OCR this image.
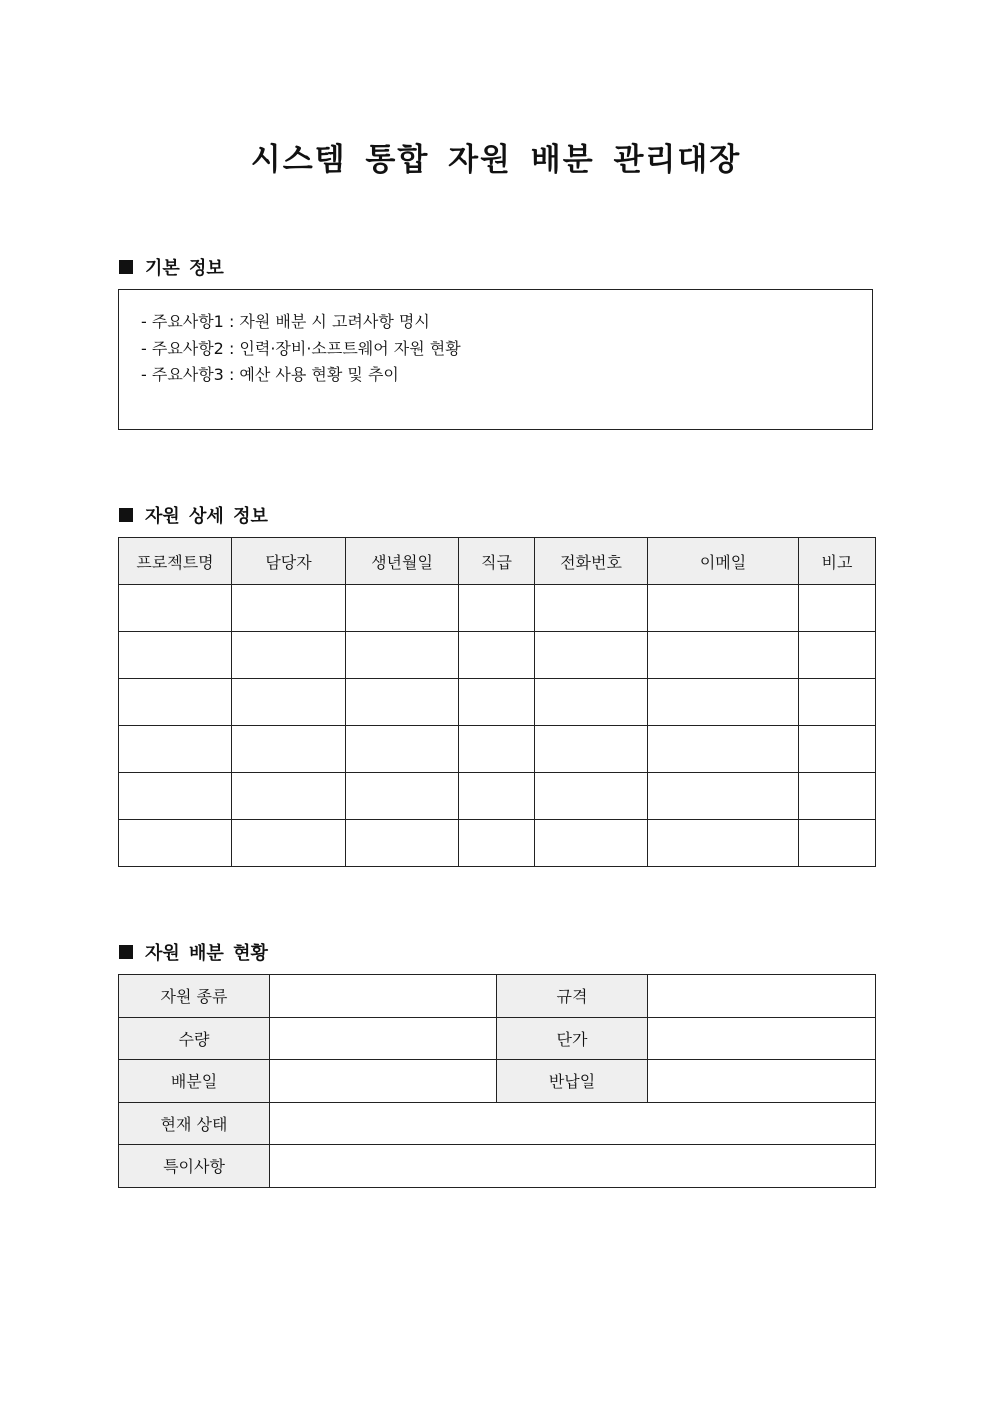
시스템 통합 자원 배분 관리대장
기본 정보
- 주요사항1 : 자원 배분 시 고려사항 명시
- 주요사항2 : 인력·장비·소프트웨어 자원 현황
- 주요사항3 : 예산 사용 현황 및 추이
자원 상세 정보
프로젝트명	담당자	생년월일	직급	전화번호	이메일	비고

자원 배분 현황
자원 종류		규격	
수량		단가	
배분일		반납일	
현재 상태			
특이사항			
